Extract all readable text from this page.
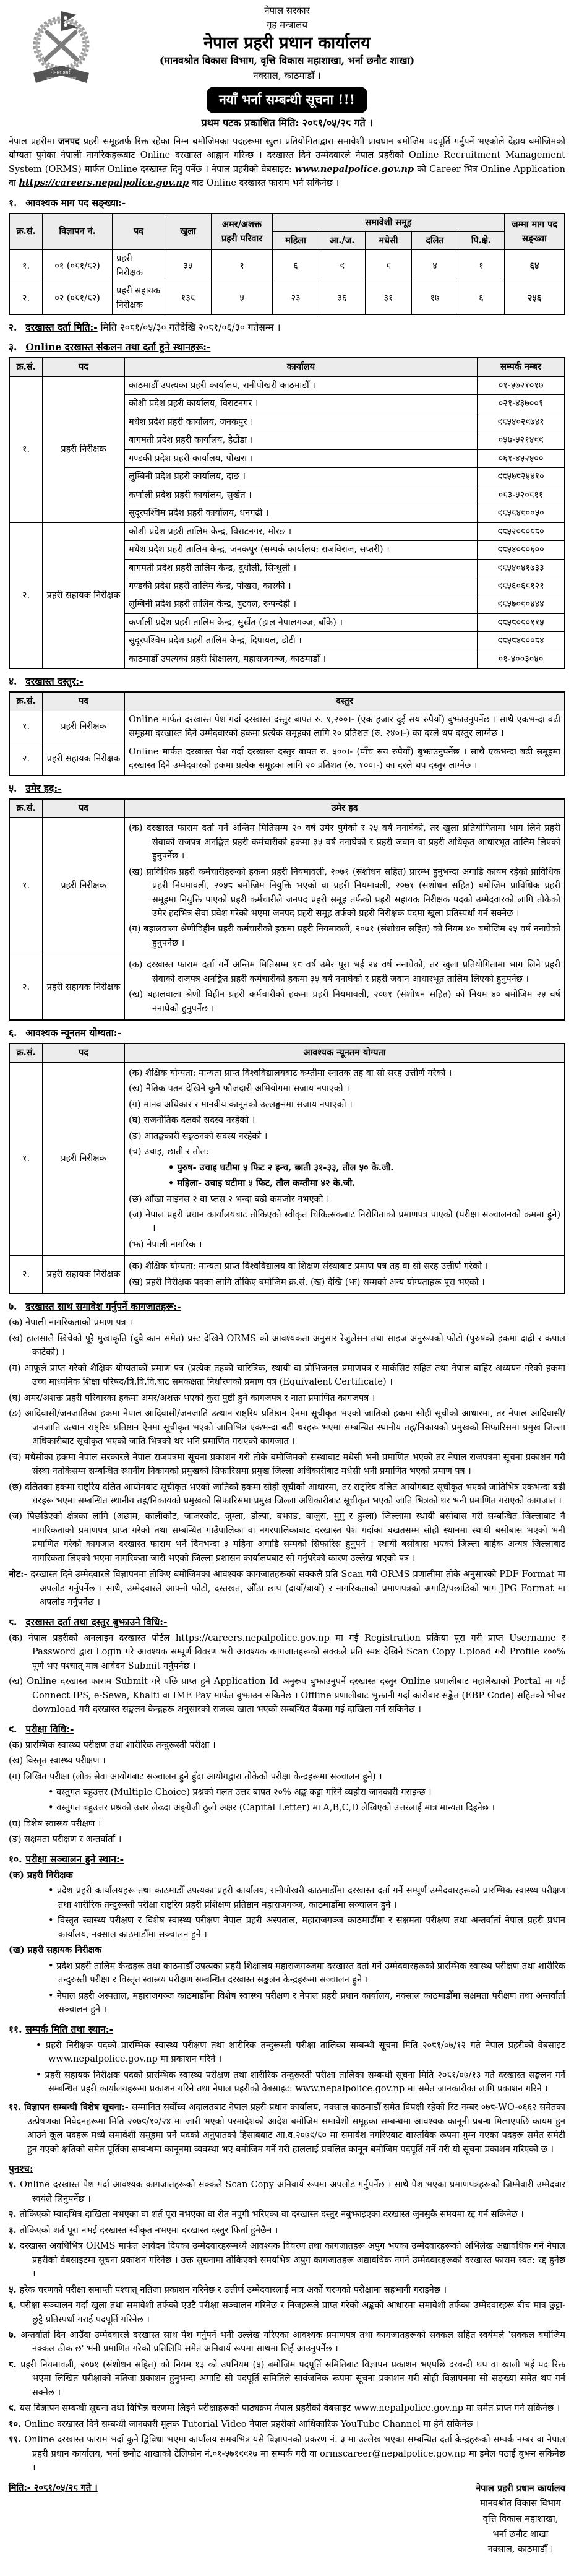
नेपाल प्रहरी
सत्य सेवा सुरक्षणम्
नेपाल सरकार
गृह मन्त्रालय
नेपाल प्रहरी प्रधान कार्यालय
(मानवश्रोत विकास विभाग, वृत्ति विकास महाशाखा, भर्ना छनौट शाखा)
नक्साल, काठमाडौँ ।
नयाँ भर्ना सम्बन्धी सूचना !!!
प्रथम पटक प्रकाशित मिति: २०८१/०५/२८ गते ।

नेपाल प्रहरीमा जनपद प्रहरी समूहतर्फ रिक्त रहेका निम्न बमोजिमका पदहरूमा खुला प्रतियोगिताद्वारा समावेशी प्रावधान बमोजिम पदपूर्ति गर्नुपर्ने भएकोले देहाय बमोजिमको योग्यता पुगेका नेपाली नागरिकहरूबाट Online दरखास्त आह्वान गरिन्छ । दरखास्त दिने उम्मेदवारले नेपाल प्रहरीको Online Recruitment Management System (ORMS) मार्फत Online दरखास्त दिनु पर्नेछ । नेपाल प्रहरीको वेबसाइट: www.nepalpolice.gov.np को Career भित्र Online Application वा https://careers.nepalpolice.gov.np बाट Online दरखास्त फाराम भर्न सकिनेछ ।

१. आवश्यक माग पद सङ्ख्या:-
क्र.सं.	विज्ञापन नं.	पद	खुला	अमर/अशक्त प्रहरी परिवार	समावेशी समूह					जम्मा माग पद सङ्ख्या
					महिला	आ./ज.	मधेसी	दलित	पि.क्षे.	
१.	०१ (०८१/८२)	प्रहरी निरीक्षक	३५	१	६	९	८	४	१	६४
२.	०२ (०८१/८२)	प्रहरी सहायक निरीक्षक	१३८	५	२३	३६	३१	१७	६	२५६
२. दरखास्त दर्ता मिति:- मिति २०८१/०५/३० गतेदेखि २०८१/०६/३० गतेसम्म ।
३. Online दरखास्त संकलन तथा दर्ता हुने स्थानहरू:-
क्र.सं.	पद	कार्यालय	सम्पर्क नम्बर
१.	प्रहरी निरीक्षक	काठमाडौँ उपत्यका प्रहरी कार्यालय, रानीपोखरी काठमाडौँ ।	०१-५७२१०१७
		कोशी प्रदेश प्रहरी कार्यालय, विराटनगर ।	०२१-४३७००१
		मधेश प्रदेश प्रहरी कार्यालय, जनकपुर ।	९८५४०२९७४१
		बागमती प्रदेश प्रहरी कार्यालय, हेटौंडा ।	०५७-५२१४९९
		गण्डकी प्रदेश प्रहरी कार्यालय, पोखरा ।	०६१-४५२५००
		लुम्बिनी प्रदेश प्रहरी कार्यालय, दाङ ।	९८५७८२५४१०
		कर्णाली प्रदेश प्रहरी कार्यालय, सुर्खेत ।	०८३-५२०८११
		सुदूरपश्चिम प्रदेश प्रहरी कार्यालय, धनगढी ।	९८५८४९००५०
२.	प्रहरी सहायक निरीक्षक	कोशी प्रदेश प्रहरी तालिम केन्द्र, विराटनगर, मोरङ ।	९८५२०९०९८०
		मधेश प्रदेश प्रहरी तालिम केन्द्र, जनकपुर (सम्पर्क कार्यालय: राजविराज, सप्तरी) ।	९८५४०९०६००
		बागमती प्रदेश प्रहरी तालिम केन्द्र, दुधौली, सिन्धुली ।	९८५४०४१७३३
		गण्डकी प्रदेश प्रहरी तालिम केन्द्र, पोखरा, कास्की ।	९८५६०६८१२१
		लुम्बिनी प्रदेश प्रहरी तालिम केन्द्र, बुटवल, रूपन्देही ।	९८५७०९०४४४
		कर्णाली प्रदेश प्रहरी तालिम केन्द्र, सुर्खेत (हाल नेपालगञ्ज, बाँके) ।	९८५८०९०११५
		सुदूरपश्चिम प्रदेश प्रहरी तालिम केन्द्र, दिपायल, डोटी ।	९८५८४९००८४
		काठमाडौँ उपत्यका प्रहरी शिक्षालय, महाराजगञ्ज, काठमाडौँ ।	०१-४००३०४०
४. दरखास्त दस्तुर:-
क्र.सं.	पद	दस्तुर
१.	प्रहरी निरीक्षक	Online मार्फत दरखास्त पेश गर्दा दरखास्त दस्तुर बापत रु. १,२००।- (एक हजार दुई सय रुपैयाँ) बुझाउनुपर्नेछ । साथै एकभन्दा बढी समूहमा दरखास्त दिने उम्मेदवारको हकमा प्रत्येक समूहका लागि २० प्रतिशत (रु. २४०।-) का दरले थप दस्तुर लाग्नेछ ।
२.	प्रहरी सहायक निरीक्षक	Online मार्फत दरखास्त पेश गर्दा दरखास्त दस्तुर बापत रु. ५००।- (पाँच सय रुपैयाँ) बुझाउनुपर्नेछ । साथै एकभन्दा बढी समूहमा दरखास्त दिने उम्मेदवारको हकमा प्रत्येक समूहका लागि २० प्रतिशत (रु. १००।-) का दरले थप दस्तुर लाग्नेछ ।
५. उमेर हद:-
क्र.सं.	पद	उमेर हद
१.	प्रहरी निरीक्षक	(क) दरखास्त फाराम दर्ता गर्ने अन्तिम मितिसम्म २० वर्ष उमेर पुगेको र २५ वर्ष ननाघेको, तर खुला प्रतियोगितामा भाग लिने प्रहरी सेवाको राजपत्र अनङ्कित प्रहरी कर्मचारीको हकमा ३५ वर्ष ननाघेको र प्रहरी जवान वा प्रहरी अधिकृत आधारभूत तालिम लिएको हुनुपर्नेछ ।
(ख) प्राविधिक प्रहरी कर्मचारीहरूको हकमा प्रहरी नियमावली, २०७१ (संशोधन सहित) प्रारम्भ हुनुभन्दा अगाडि कायम रहेको प्राविधिक प्रहरी नियमावली, २०५८ बमोजिम नियुक्ति भएको वा प्रहरी नियमावली, २०७१ (संशोधन सहित) बमोजिम प्राविधिक प्रहरी समूहमा नियुक्ति पाएको प्रहरी कर्मचारीले जनपद प्रहरी समूह तर्फको प्रहरी सहायक निरीक्षक पदको उम्मेदवारको लागि तोकेको उमेर हदभित्र सेवा प्रवेश गरेको भएमा जनपद प्रहरी समूह तर्फको प्रहरी निरीक्षक पदमा खुला प्रतिस्पर्धा गर्न सक्नेछ ।
(ग) बहालवाला श्रेणीविहीन प्रहरी कर्मचारीको हकमा प्रहरी नियमावली, २०७१ (संशोधन सहित) को नियम ४० बमोजिम २५ वर्ष ननाघेको हुनुपर्नेछ ।

२.	प्रहरी सहायक निरीक्षक	(क) दरखास्त फाराम दर्ता गर्ने अन्तिम मितिसम्म १८ वर्ष उमेर पूरा भई २४ वर्ष ननाघेको, तर खुला प्रतियोगितामा भाग लिने प्रहरी सेवाको राजपत्र अनङ्कित प्रहरी कर्मचारीको हकमा ३५ वर्ष ननाघेको र प्रहरी जवान आधारभूत तालिम लिएको हुनुपर्नेछ ।
(ख) बहालवाला श्रेणी विहीन प्रहरी कर्मचारीको हकमा प्रहरी नियमावली, २०७१ (संशोधन सहित) को नियम ४० बमोजिम २५ वर्ष ननाघेको हुनुपर्नेछ ।
६. आवश्यक न्यूनतम योग्यता:-
क्र.सं.	पद	आवश्यक न्यूनतम योग्यता
१.	प्रहरी निरीक्षक	
(क) शैक्षिक योग्यता: मान्यता प्राप्त विश्वविद्यालयबाट कम्तीमा स्नातक तह वा सो सरह उत्तीर्ण गरेको ।
(ख) नैतिक पतन देखिने कुनै फौजदारी अभियोगमा सजाय नपाएको ।
(ग) मानव अधिकार र मानवीय कानूनको उल्लङ्घनमा सजाय नपाएको ।
(घ) राजनीतिक दलको सदस्य नरहेको ।
(ङ) आतङ्ककारी सङ्गठनको सदस्य नरहेको ।
(च) उचाइ, छाती र तौल:
• पुरुष- उचाइ घटीमा ५ फिट २ इन्च, छाती ३१-३३, तौल ५० के.जी.
• महिला- उचाइ घटीमा ५ फिट, तौल कम्तीमा ४२ के.जी.
(छ) आँखा माइनस २ वा प्लस २ भन्दा बढी कमजोर नभएको ।
(ज) नेपाल प्रहरी प्रधान कार्यालयबाट तोकिएको स्वीकृत चिकित्सकबाट निरोगिताको प्रमाणपत्र पाएको (परीक्षा सञ्चालनको क्रममा हुने) ।
(झ) नेपाली नागरिक ।

२.	प्रहरी सहायक निरीक्षक	(क) शैक्षिक योग्यता: मान्यता प्राप्त विश्वविद्यालय वा शिक्षण संस्थाबाट प्रमाण पत्र तह वा सो सरह उत्तीर्ण गरेको ।
(ख) प्रहरी निरीक्षक पदका लागि तोकिए बमोजिम क्र.सं. (ख) देखि (झ) सम्मको अन्य योग्यताहरू पूरा भएको ।
७. दरखास्त साथ समावेश गर्नुपर्ने कागजातहरू:-
(क) नेपाली नागरिकताको प्रमाण पत्र ।
(ख) हालसालै खिचेको पूरै मुखाकृति (दुवै कान समेत) प्रस्ट देखिने ORMS को आवश्यकता अनुसार रेजुलेसन तथा साइज अनुरूपको फोटो (पुरुषको हकमा दाह्री र कपाल काटेको) ।
(ग) आफूले प्राप्त गरेको शैक्षिक योग्यताको प्रमाण पत्र (प्रत्येक तहको चारित्रिक, स्थायी वा प्रोभिजनल प्रमाणपत्र र मार्कसिट सहित तथा नेपाल बाहिर अध्ययन गरेको हकमा उच्च माध्यमिक शिक्षा परिषद/त्रि.वि.वि.बाट समकक्षता निर्धारणको प्रमाण पत्र (Equivalent Certificate) ।
(घ) अमर/अशक्त प्रहरी परिवारका हकमा अमर/अशक्त भएको कुरा पुष्टी हुने कागजपत्र र नाता प्रमाणित कागजपत्र ।
(ङ) आदिवासी/जनजातिका हकमा नेपाल आदिवासी/जनजाति उत्थान राष्ट्रिय प्रतिष्ठान ऐनमा सूचीकृत भएको जातिको हकमा सोही सूचीको आधारमा, तर नेपाल आदिवासी/जनजाति उत्थान राष्ट्रिय प्रतिष्ठान ऐनमा सूचीकृत भएको जातिभित्र एकभन्दा बढी थरहरू भएमा सम्बन्धित स्थानीय तह/निकायको प्रमुखको सिफारिसमा प्रमुख जिल्ला अधिकारीबाट सूचीकृत भएको जाति भित्रको थर भनि प्रमाणित गराएको कागजात ।
(च) मधेसीका हकमा नेपाल सरकारले नेपाल राजपत्रमा सूचना प्रकाशन गरी तोके बमोजिमको संस्थाबाट मधेसी भनी प्रमाणित भएको तर नेपाल राजपत्रमा सूचना प्रकाशन गरी संस्था नतोकेसम्म सम्बन्धित स्थानीय निकायको प्रमुखको सिफारिसमा प्रमुख जिल्ला अधिकारीबाट मधेसी भनी प्रमाणित भएको प्रमाण पत्र ।
(छ) दलितका हकमा राष्ट्रिय दलित आयोगबाट सूचीकृत भएको जातिको हकमा सोही सूचीको आधारमा, तर राष्ट्रिय दलित आयोगबाट सूचीकृत भएको जातिभित्र एकभन्दा बढी थरहरू भएमा सम्बन्धित स्थानीय तह/निकायको प्रमुखको सिफारिसमा प्रमुख जिल्ला अधिकारीबाट सूचीकृत भएको जाति भित्रको थर भनी प्रमाणित गराएको कागजात ।
(ज) पिछडिएको क्षेत्रका लागि (अछाम, कालीकोट, जाजरकोट, जुम्ला, डोल्पा, बझाङ, बाजुरा, मुगु र हुम्ला) जिल्लामा स्थायी बसोबास गरी सम्बन्धित जिल्लाबाट नै नागरिकताको प्रमाणपत्र प्राप्त गरेको तथा सम्बन्धित गाउँपालिका वा नगरपालिकाबाट दरखास्त पेश गर्दाका बखतसम्म सोही स्थानमा स्थायी बसोबास भएको भनी प्रमाणित गरेको कागजात दरखास्त फाराम भर्ने दिनभन्दा ३ महिना अगाडि सम्मको सिफारिस हुनुपर्ने । स्थायी बसोबास भएको जिल्ला बाहेक अन्यत्र जिल्लाबाट नागरिकता लिएको भएमा नागरिकता जारी भएको जिल्ला प्रशासन कार्यालयबाट सो गर्नुपरेको कारण उल्लेख भएको पत्र ।
नोट:- दरखास्त दिने उम्मेदवारले विज्ञापनमा तोकिए बमोजिमका आवश्यक कागजातहरूको सक्कलै प्रति Scan गरी ORMS प्रणालीमा तोके अनुसारको PDF Format मा अपलोड गर्नुपर्नेछ । साथै, उम्मेदवारले आफ्नो फोटो, दस्तखत, औँठा छाप (दायाँ/बायाँ) र नागरिकताको प्रमाणपत्रको अगाडि/पछाडिको भाग JPG Format मा अपलोड गर्नुपर्नेछ ।
८. दरखास्त दर्ता तथा दस्तुर बुझाउने विधि:-
(क) नेपाल प्रहरीको अनलाइन दरखास्त पोर्टल https://careers.nepalpolice.gov.np मा गई Registration प्रक्रिया पूरा गरी प्राप्त Username र Password द्वारा Login गरे आवश्यक सम्पूर्ण विवरण भरी आवश्यक कागजातहरूको सक्कलै प्रति स्पष्ट देखिने Scan Copy Upload गरी Profile १००% पूर्ण भए पश्चात् मात्र आवेदन Submit गर्नुपर्नेछ ।
(ख) Online दरखास्त फाराम Submit गरे पछि प्राप्त हुने Application Id अनुरूप बुझाउनुपर्ने दरखास्त दस्तुर Online प्रणालीबाट महालेखाको Portal मा गई Connect IPS, e-Sewa, Khalti वा IME Pay मार्फत बुझाउन सकिनेछ । Offline प्रणालीबाट भुक्तानी गर्दा कारोबार सङ्केत (EBP Code) सहितको भौचर download गरी दरखास्त सङ्कलन केन्द्रहरू अनुसारको राजस्व खाता भएको सम्बन्धित बैंकमा गई दाखिला गर्न सकिनेछ ।
९. परीक्षा विधि:-
(क) प्रारम्भिक स्वास्थ्य परीक्षण तथा शारीरिक तन्दुरूस्ती परीक्षा ।
(ख) विस्तृत स्वास्थ्य परीक्षण ।
(ग) लिखित परीक्षा (लोक सेवा आयोगबाट सञ्चालन हुने हुँदा आयोगद्वारा तोकेको परीक्षा केन्द्रहरूमा सञ्चालन हुने) ।
• वस्तुगत बहुउत्तर (Multiple Choice) प्रश्नको गलत उत्तर बापत २०% अङ्क कट्टा गरिने व्यहोरा जानकारी गराइन्छ ।
• वस्तुगत बहुउत्तर प्रश्नको उत्तर लेख्दा अङ्ग्रेजी ठूलो अक्षर (Capital Letter) मा A,B,C,D लेखिएको उत्तरलाई मात्र मान्यता दिइनेछ ।
(घ) विशेष स्वास्थ्य परीक्षण ।
(ङ) सक्षमता परीक्षण र अन्तर्वार्ता ।
१०. परीक्षा सञ्चालन हुने स्थान:-
(क) प्रहरी निरीक्षक
• प्रदेश प्रहरी कार्यालयहरू तथा काठमाडौँ उपत्यका प्रहरी कार्यालय, रानीपोखरी काठमाडौँमा दरखास्त दर्ता गर्ने सम्पूर्ण उम्मेदवारहरूको प्रारम्भिक स्वास्थ्य परीक्षण तथा शारीरिक तन्दुरूस्ती परीक्षा राष्ट्रिय प्रहरी प्रशिक्षण प्रतिष्ठान महाराजगञ्ज, काठमाडौँमा सञ्चालन हुने ।
• विस्तृत स्वास्थ्य परीक्षण र विशेष स्वास्थ्य परीक्षण नेपाल प्रहरी अस्पताल, महाराजगञ्ज काठमाडौँमा र सक्षमता परीक्षण तथा अन्तर्वार्ता नेपाल प्रहरी प्रधान कार्यालय, नक्साल काठमाडौँमा सञ्चालन हुने ।
(ख) प्रहरी सहायक निरीक्षक
• प्रदेश प्रहरी तालिम केन्द्रहरू तथा काठमाडौँ उपत्यका प्रहरी शिक्षालय महाराजगञ्जमा दरखास्त दर्ता गर्ने उम्मेदवारहरूको प्रारम्भिक स्वास्थ्य परीक्षण तथा शारीरिक तन्दुरुस्ती परीक्षा र विस्तृत स्वास्थ्य परीक्षण सम्बन्धित दरखास्त सङ्कलन केन्द्रहरूमा सञ्चालन हुने ।
• नेपाल प्रहरी अस्पताल, महाराजगञ्ज काठमाडौँमा विशेष स्वास्थ्य परीक्षण र नेपाल प्रहरी प्रधान कार्यालय, नक्साल काठमाडौँमा सक्षमता परीक्षण तथा अन्तर्वार्ता सञ्चालन हुने ।
११. सम्पर्क मिति तथा स्थान:-
• प्रहरी निरीक्षक पदको प्रारम्भिक स्वास्थ्य परीक्षण तथा शारीरिक तन्दुरूस्ती परीक्षा तालिका सम्बन्धी सूचना मिति २०८१/०७/१२ गते नेपाल प्रहरीको वेबसाइट www.nepalpolice.gov.np मा प्रकाशन गरिने ।
• प्रहरी सहायक निरीक्षक पदको प्रारम्भिक स्वास्थ्य परीक्षण तथा शारीरिक तन्दुरूस्ती परीक्षा तालिका सम्बन्धी सूचना मिति २०८१/०७/१३ गते दरखास्त सङ्कलन गर्ने सम्बन्धित प्रहरी कार्यालयहरूमा प्रकाशन गरिने तथा नेपाल प्रहरीको वेबसाइट: www.nepalpolice.gov.np मा समेत जानकारीका लागि प्रकाशन गरिने ।
१२. विज्ञापन सम्बन्धी विशेष सूचना:- सम्मानित सर्वोच्च अदालतबाट नेपाल प्रहरी प्रधान कार्यालय, नक्साल काठमाडौँ समेत विपक्षी रहेको रिट नम्बर ०७८-WO-०६६२ समेतका उत्प्रेषणका निवेदनहरूमा मिति २०७९/१०/२४ मा जारी भएको परमादेशको आदेश बमोजिम समावेशी समूहका सम्बन्धमा आवश्यक कानूनी प्रबन्ध मिलाएपछि कायम हुन आउने कूल पदहरू मध्ये समावेशी समूहमा पर्ने पदको अनुपातको हिसाबबाट आ.व.२०७९/८० मा समावेश नगरिएबाट वास्तविक रूपमा गुम्न गएका पदहरू समेत समेटी हुन गएको क्षतिको समेत पूर्तिका सम्बन्धमा कानूनमा व्यवस्था भए बमोजिम गर्ने गरी हाललाई प्रचलित कानून बमोजिम पदपूर्ति गर्ने गरी यो सूचना प्रकाशन गरिएको छ ।
पुनश्च:
१. Online दरखास्त पेश गर्दा आवश्यक कागजातहरूको सक्कलै Scan Copy अनिवार्य रूपमा अपलोड गर्नुपर्नेछ । साथै पेश भएका प्रमाणपत्रहरूको जिम्मेवारी उम्मेदवार स्वयंले लिनुपर्नेछ ।
२. तोकिएको म्यादभित्र दाखिला नभएका वा शर्त पूरा नभएका वा रीत नपुगी भरिएका वा दरखास्त दस्तुर नबुझाइएका दरखास्त जुनसुकै समयमा रद्द गर्न सकिनेछ ।
३. तोकिएको शर्त पूरा नभई दरखास्त स्वीकृत नभएमा दरखास्त दस्तुर फिर्ता हुनेछैन ।
४. दरखास्त अवधिभित्र ORMS मार्फत आवेदन दिएका उम्मेदवारहरूमध्ये आवश्यक विवरण तथा कागजातहरू अपुग भएका उम्मेदवारहरूको अभिलेख अद्यावधिक गर्न नेपाल प्रहरीको वेबसाइटमा सूचना प्रकाशन गरिनेछ । उक्त सूचनामा तोकिएको समयभित्र अपुग कागजातहरू अद्यावधिक नगर्ने उम्मेदवारहरूको दरखास्त फाराम स्वत: रद्द हुनेछ ।
५. हरेक चरणको परीक्षा समाप्ती पश्चात् नतिजा प्रकाशन गरिनेछ र उत्तीर्ण उम्मेदवारलाई मात्र अर्को चरणको परीक्षामा सहभागी गराइनेछ ।
६. परीक्षा सञ्चालन गर्दा खुला तथा समावेशी तर्फको एउटै परीक्षा सञ्चालन गरिनेछ र निजहरूले प्राप्त गरेको अङ्कको आधारमा समावेशी तर्फका उम्मेदवारहरू बीच मात्र छुट्टा-छुट्टै प्रतिस्पर्धा गराई पदपूर्ति गरिनेछ ।
७. अन्तर्वार्ता दिन आउँदा उम्मेदवारले दरखास्त साथ पेश गर्नुपर्ने भनी उल्लेख गरिएका आवश्यक प्रमाणपत्र तथा कागजातहरूको सक्कल सहित स्वयंमले 'सक्कल बमोजिम नक्कल ठीक छ' भनी प्रमाणित गरेको प्रतिलिपि समेत अनिवार्य रूपमा साथमा लिई आउनुपर्नेछ ।
८. प्रहरी नियमावली, २०७१ (संशोधन सहित) को नियम १३ को उपनियम (५) बमोजिम पदपूर्ति समितिबाट विज्ञापन प्रकाशन भएपछि दरबन्दी थप वा खाली भई पद रिक्त भएमा लिखित परीक्षाको नतिजा प्रकाशन हुनुभन्दा अगाडि सो पदपूर्ति समितिले सार्वजनिक रूपमा सूचना प्रकाशन गरी सोही विज्ञापनमा सो सङ्ख्या समेत थप गर्न सक्नेछ ।
९. यस विज्ञापन सम्बन्धी सूचना तथा विभिन्न चरणमा लिइने परीक्षाहरूको पाठ्यक्रम नेपाल प्रहरीको वेबसाइट www.nepalpolice.gov.np मा समेत प्राप्त गर्न सकिनेछ ।
१०. Online दरखास्त दिने सम्बन्धी जानकारी मूलक Tutorial Video नेपाल प्रहरीको आधिकारिक YouTube Channel मा हेर्न सकिनेछ ।
११. Online दरखास्त फाराम भर्दा कुनै द्विविधा भएमा कार्यालय समयभित्र यसै विज्ञापनको प्रकरण नं. ३ मा उल्लेख भएका सम्बन्धित दर्ता केन्द्रहरूको सम्पर्क नम्बर वा नेपाल प्रहरी प्रधान कार्यालय, भर्ना छनौट शाखाको टेलिफोन नं.०१-५७१९९२७ मा सम्पर्क गरी वा ormscareer@nepalpolice.gov.np मा इमेल पठाई बुझ्न सकिनेछ ।
मिति:- २०८१/०५/२८ गते ।	नेपाल प्रहरी प्रधान कार्यालय
मानवश्रोत विकास विभाग
वृत्ति विकास महाशाखा,
भर्ना छनौट शाखा
नक्साल, काठमाडौँ ।
